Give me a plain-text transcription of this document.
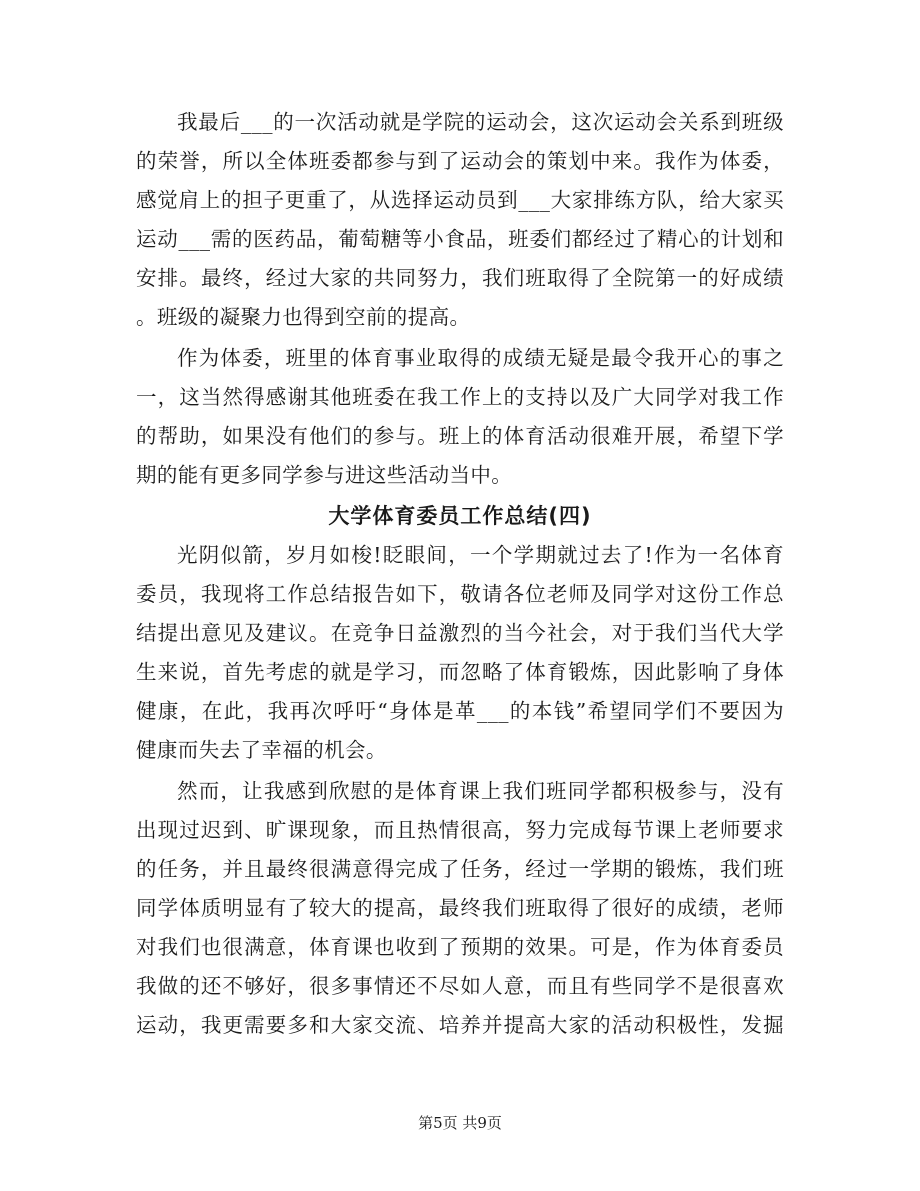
我最后___的一次活动就是学院的运动会，这次运动会关系到班级
的荣誉，所以全体班委都参与到了运动会的策划中来。我作为体委，
感觉肩上的担子更重了，从选择运动员到___大家排练方队，给大家买
运动___需的医药品，葡萄糖等小食品，班委们都经过了精心的计划和
安排。最终，经过大家的共同努力，我们班取得了全院第一的好成绩
。班级的凝聚力也得到空前的提高。
作为体委，班里的体育事业取得的成绩无疑是最令我开心的事之
一，这当然得感谢其他班委在我工作上的支持以及广大同学对我工作
的帮助，如果没有他们的参与。班上的体育活动很难开展，希望下学
期的能有更多同学参与进这些活动当中。
大学体育委员工作总结(四)
光阴似箭，岁月如梭!眨眼间，一个学期就过去了!作为一名体育
委员，我现将工作总结报告如下，敬请各位老师及同学对这份工作总
结提出意见及建议。在竞争日益激烈的当今社会，对于我们当代大学
生来说，首先考虑的就是学习，而忽略了体育锻炼，因此影响了身体
健康，在此，我再次呼吁“身体是革___的本钱”希望同学们不要因为
健康而失去了幸福的机会。
然而，让我感到欣慰的是体育课上我们班同学都积极参与，没有
出现过迟到、旷课现象，而且热情很高，努力完成每节课上老师要求
的任务，并且最终很满意得完成了任务，经过一学期的锻炼，我们班
同学体质明显有了较大的提高，最终我们班取得了很好的成绩，老师
对我们也很满意，体育课也收到了预期的效果。可是，作为体育委员
我做的还不够好，很多事情还不尽如人意，而且有些同学不是很喜欢
运动，我更需要多和大家交流、培养并提高大家的活动积极性，发掘
第5页 共9页
